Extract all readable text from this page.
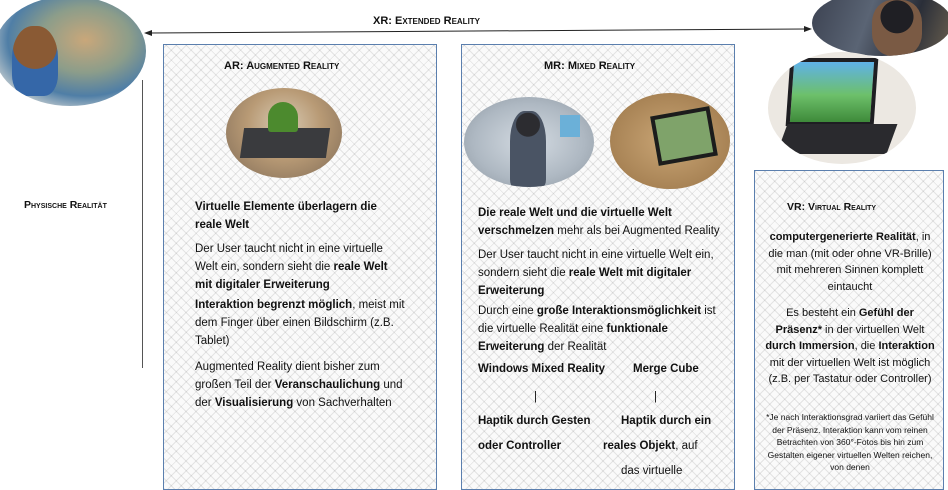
XR: Extended Reality
Physische Realität
AR: Augmented Reality
Virtuelle Elemente überlagern die reale Welt
Der User taucht nicht in eine virtuelle Welt ein, sondern sieht die reale Welt mit digitaler Erweiterung
Interaktion begrenzt möglich, meist mit dem Finger über einen Bildschirm (z.B. Tablet)
Augmented Reality dient bisher zum großen Teil der Veranschaulichung und der Visualisierung von Sachverhalten
MR: Mixed Reality
Die reale Welt und die virtuelle Welt verschmelzen mehr als bei Augmented Reality
Der User taucht nicht in eine virtuelle Welt ein, sondern sieht die reale Welt mit digitaler Erweiterung
Durch eine große Interaktionsmöglichkeit ist die virtuelle Realität eine funktionale Erweiterung der Realität
Windows Mixed Reality Merge Cube
|	|
Haptik durch Gesten
oder Controller
Haptik durch ein
reales Objekt, auf
das virtuelle
VR: Virtual Reality
computergenerierte Realität, in die man (mit oder ohne VR-Brille) mit mehreren Sinnen komplett eintaucht
Es besteht ein Gefühl der Präsenz* in der virtuellen Welt durch Immersion, die Interaktion mit der virtuellen Welt ist möglich (z.B. per Tastatur oder Controller)
*Je nach Interaktionsgrad variiert das Gefühl der Präsenz. Interaktion kann vom reinen Betrachten von 360°-Fotos bis hin zum Gestalten eigener virtuellen Welten reichen, von denen
